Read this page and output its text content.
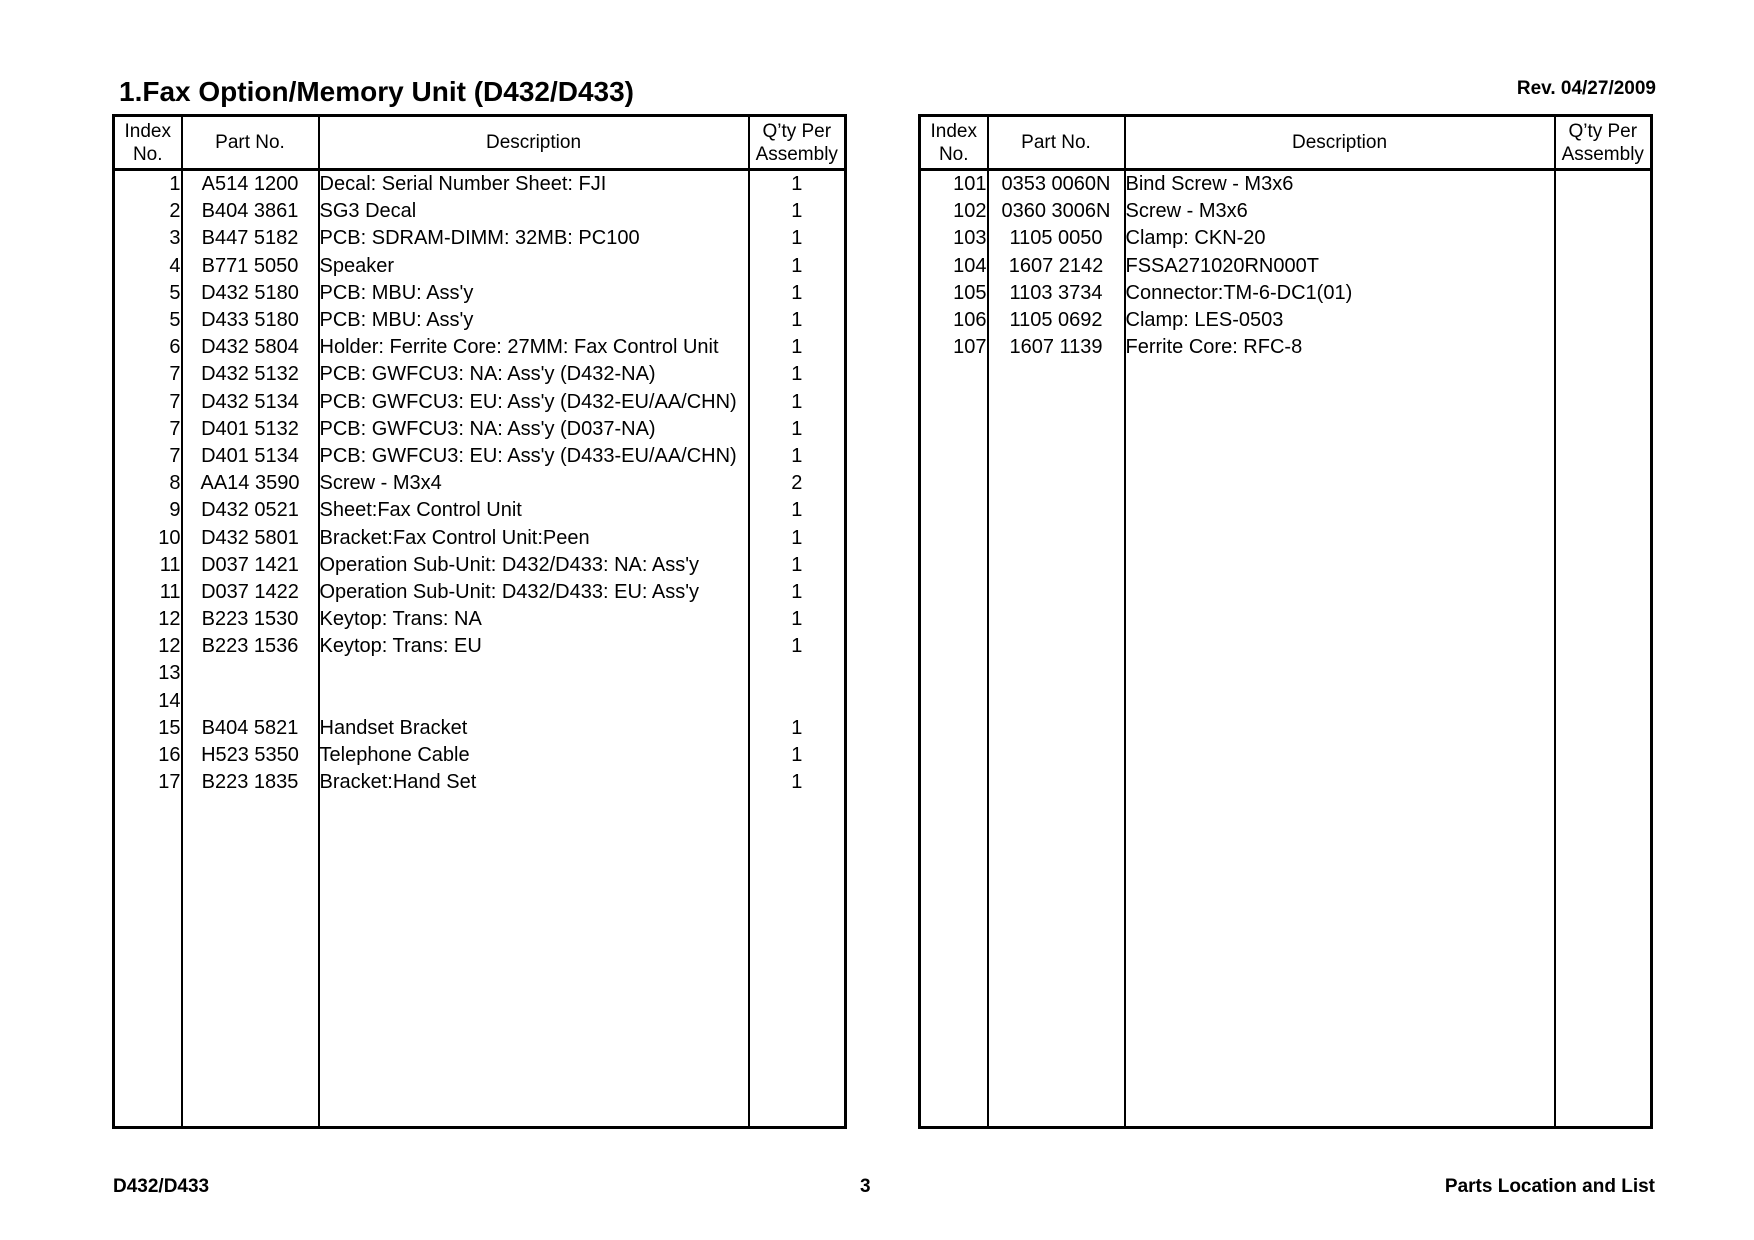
1.Fax Option/Memory Unit (D432/D433)	Rev. 04/27/2009
Index No.	Part No.	Description	Q’ty Per Assembly
1	A514 1200	Decal: Serial Number Sheet: FJI	1
2	B404 3861	SG3 Decal	1
3	B447 5182	PCB: SDRAM-DIMM: 32MB: PC100	1
4	B771 5050	Speaker	1
5	D432 5180	PCB: MBU: Ass'y	1
5	D433 5180	PCB: MBU: Ass'y	1
6	D432 5804	Holder: Ferrite Core: 27MM: Fax Control Unit	1
7	D432 5132	PCB: GWFCU3: NA: Ass'y (D432-NA)	1
7	D432 5134	PCB: GWFCU3: EU: Ass'y (D432-EU/AA/CHN)	1
7	D401 5132	PCB: GWFCU3: NA: Ass'y (D037-NA)	1
7	D401 5134	PCB: GWFCU3: EU: Ass'y (D433-EU/AA/CHN)	1
8	AA14 3590	Screw - M3x4	2
9	D432 0521	Sheet:Fax Control Unit	1
10	D432 5801	Bracket:Fax Control Unit:Peen	1
11	D037 1421	Operation Sub-Unit: D432/D433: NA: Ass'y	1
11	D037 1422	Operation Sub-Unit: D432/D433: EU: Ass'y	1
12	B223 1530	Keytop: Trans: NA	1
12	B223 1536	Keytop: Trans: EU	1
13			
14			
15	B404 5821	Handset Bracket	1
16	H523 5350	Telephone Cable	1
17	B223 1835	Bracket:Hand Set	1

Index No.	Part No.	Description	Q’ty Per Assembly
101	0353 0060N	Bind Screw - M3x6	
102	0360 3006N	Screw - M3x6	
103	1105 0050	Clamp: CKN-20	
104	1607 2142	FSSA271020RN000T	
105	1103 3734	Connector:TM-6-DC1(01)	
106	1105 0692	Clamp: LES-0503	
107	1607 1139	Ferrite Core: RFC-8	

D432/D433	3	Parts Location and List
